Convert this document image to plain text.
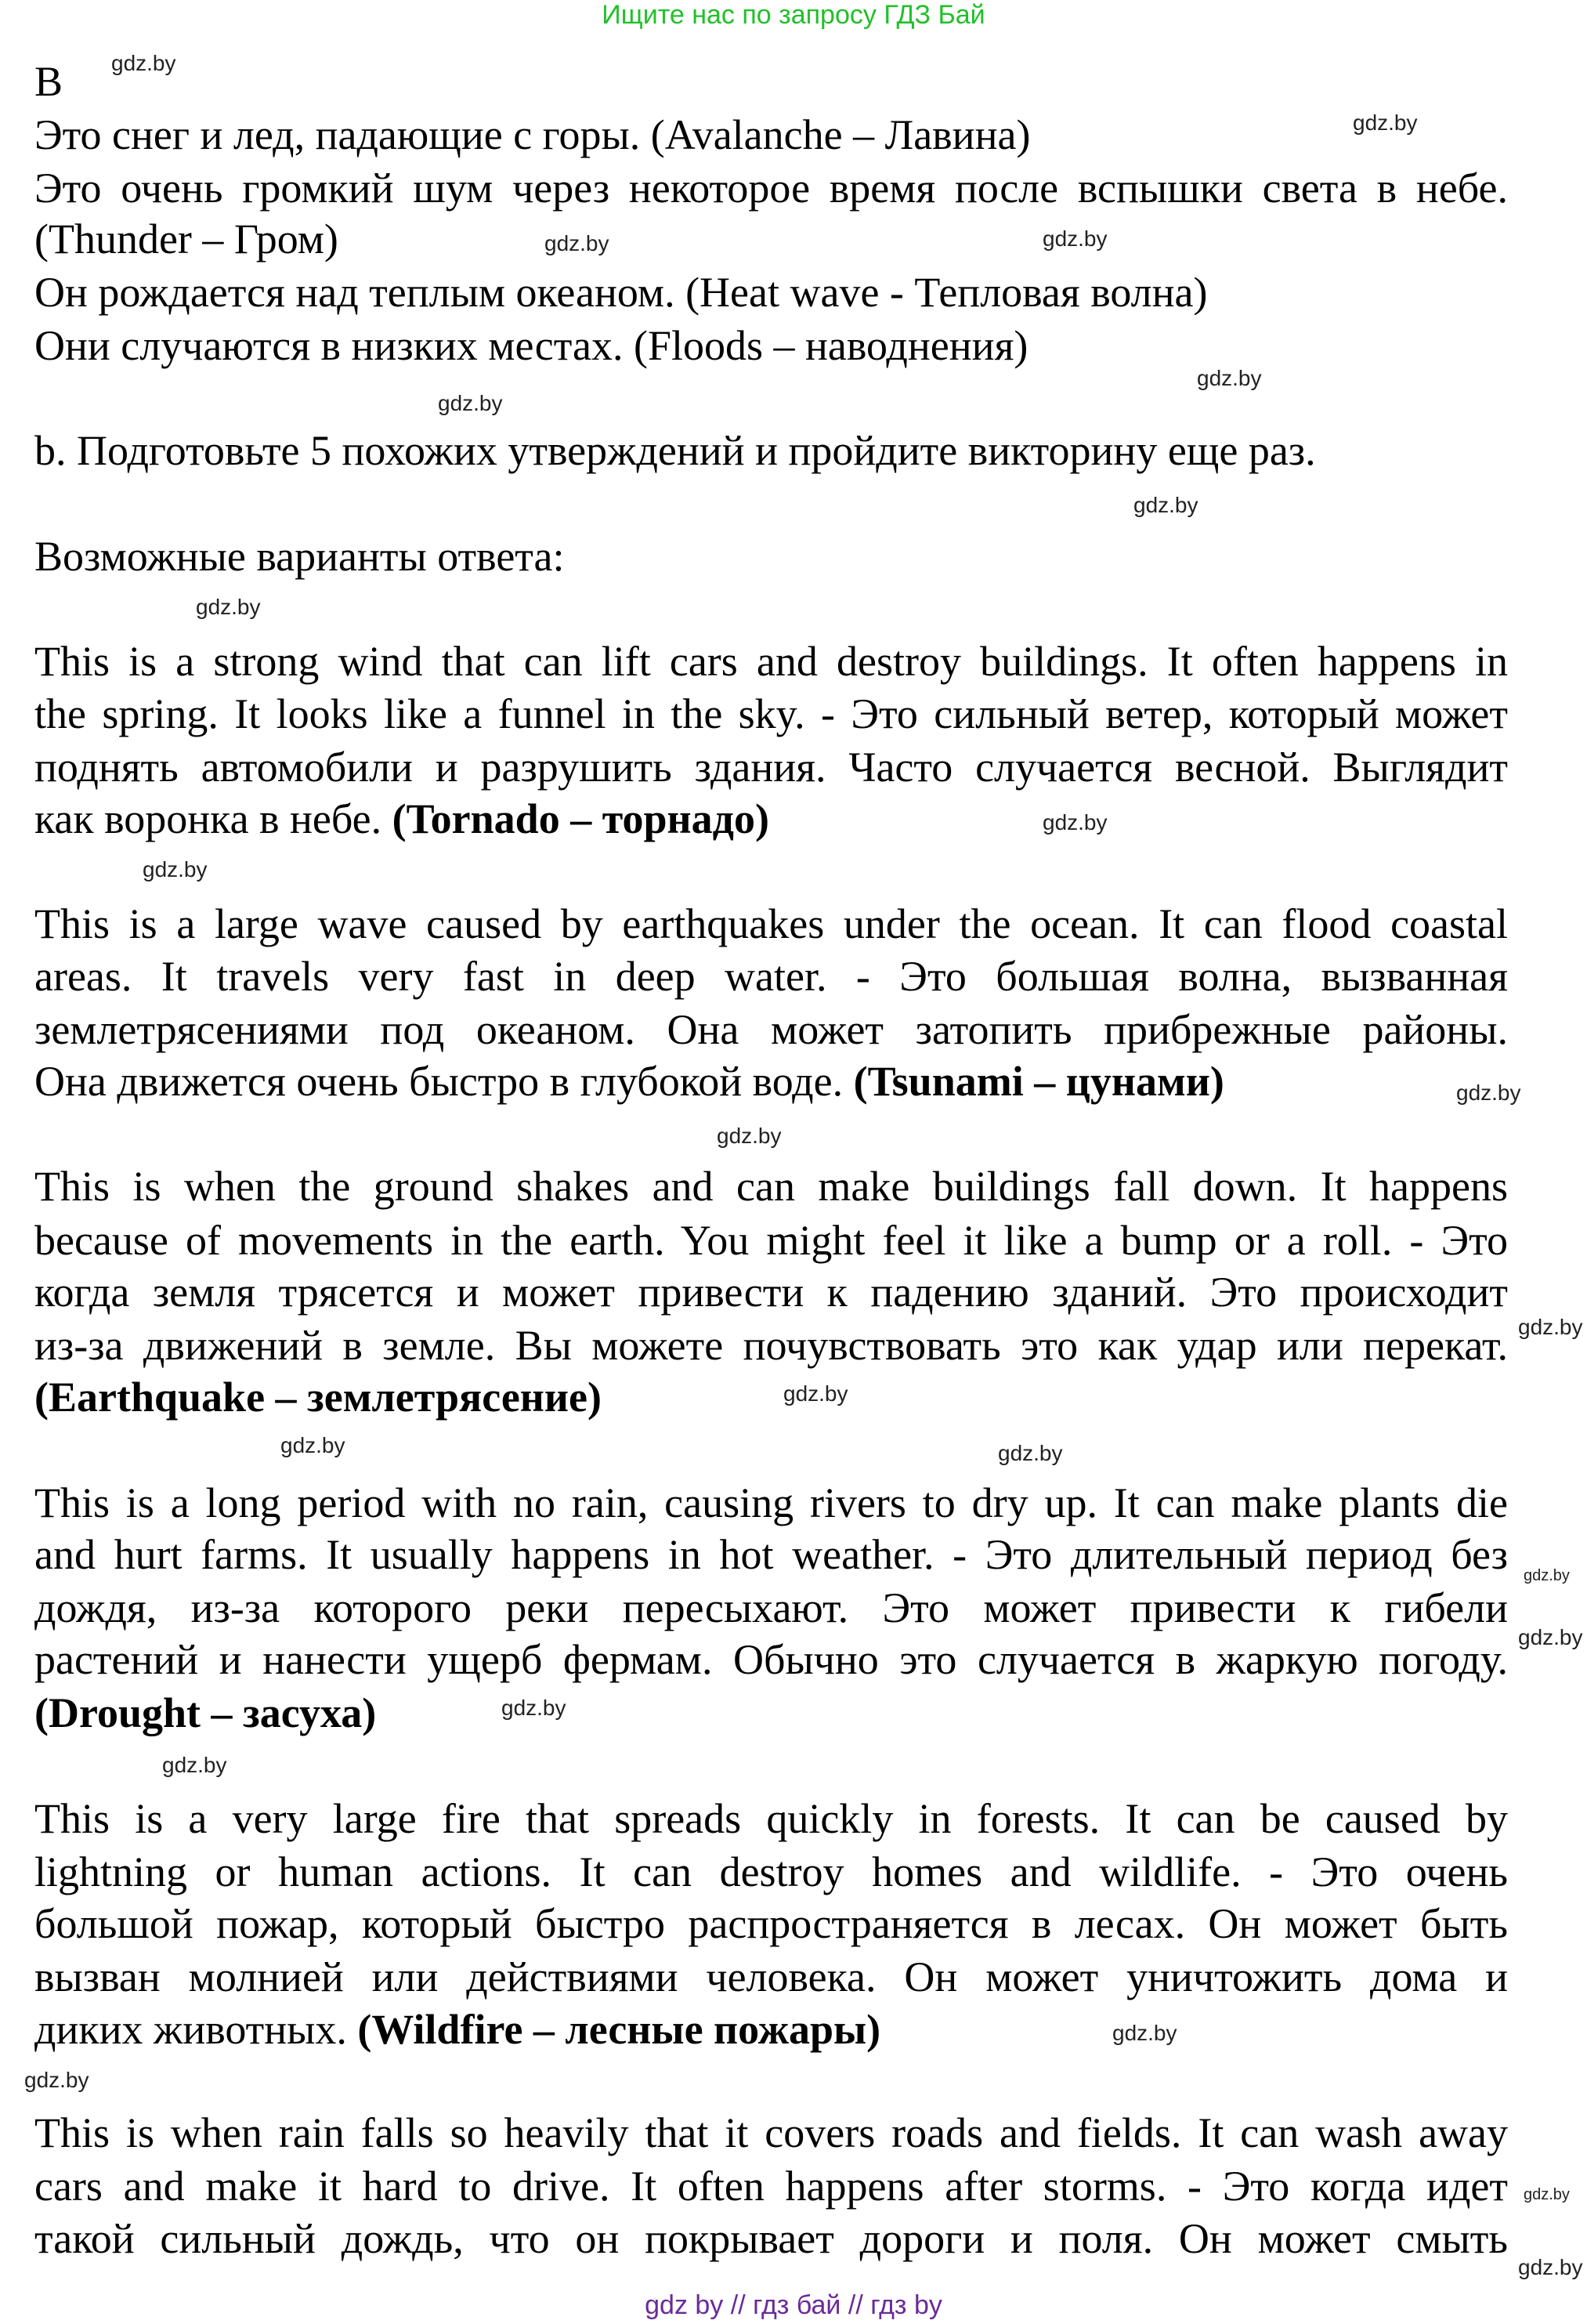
Ищите нас по запросу ГДЗ Бай
B
Это снег и лед, падающие с горы. (Avalanche – Лавина)
Это очень громкий шум через некоторое время после вспышки света в небе.
(Thunder – Гром)
Он рождается над теплым океаном. (Heat wave - Тепловая волна)
Они случаются в низких местах. (Floods – наводнения)
b. Подготовьте 5 похожих утверждений и пройдите викторину еще раз.
Возможные варианты ответа:
This is a strong wind that can lift cars and destroy buildings. It often happens in
the spring. It looks like a funnel in the sky. - Это сильный ветер, который может
поднять автомобили и разрушить здания. Часто случается весной. Выглядит
как воронка в небе. (Tornado – торнадо)
This is a large wave caused by earthquakes under the ocean. It can flood coastal
areas. It travels very fast in deep water. - Это большая волна, вызванная
землетрясениями под океаном. Она может затопить прибрежные районы.
Она движется очень быстро в глубокой воде. (Tsunami – цунами)
This is when the ground shakes and can make buildings fall down. It happens
because of movements in the earth. You might feel it like a bump or a roll. - Это
когда земля трясется и может привести к падению зданий. Это происходит
из-за движений в земле. Вы можете почувствовать это как удар или перекат.
(Earthquake – землетрясение)
This is a long period with no rain, causing rivers to dry up. It can make plants die
and hurt farms. It usually happens in hot weather. - Это длительный период без
дождя, из-за которого реки пересыхают. Это может привести к гибели
растений и нанести ущерб фермам. Обычно это случается в жаркую погоду.
(Drought – засуха)
This is a very large fire that spreads quickly in forests. It can be caused by
lightning or human actions. It can destroy homes and wildlife. - Это очень
большой пожар, который быстро распространяется в лесах. Он может быть
вызван молнией или действиями человека. Он может уничтожить дома и
диких животных. (Wildfire – лесные пожары)
This is when rain falls so heavily that it covers roads and fields. It can wash away
cars and make it hard to drive. It often happens after storms. - Это когда идет
такой сильный дождь, что он покрывает дороги и поля. Он может смыть
gdz.by
gdz.by
gdz.by
gdz.by
gdz.by
gdz.by
gdz.by
gdz.by
gdz.by
gdz.by
gdz.by
gdz.by
gdz.by
gdz.by
gdz.by	gdz.by
gdz.by
gdz.by
gdz.by
gdz.by
gdz.by
gdz.by
gdz.by
gdz.by
gdz by // гдз бай // гдз by
